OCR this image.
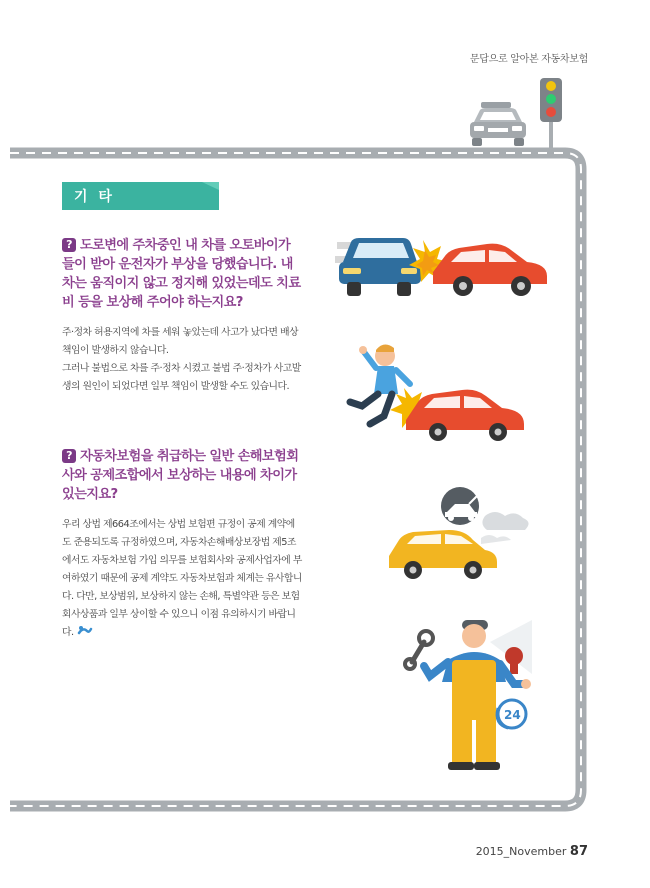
문답으로 알아본 자동차보험
기 타

? 도로변에 주차중인 내 차를 오토바이가 들이 받아 운전자가 부상을 당했습니다. 내 차는 움직이지 않고 정지해 있었는데도 치료비 등을 보상해 주어야 하는지요?

주·정차 허용지역에 차를 세워 놓았는데 사고가 났다면 배상책임이 발생하지 않습니다.

그러나 불법으로 차를 주·정차 시켰고 불법 주·정차가 사고발생의 원인이 되었다면 일부 책임이 발생할 수도 있습니다.

? 자동차보험을 취급하는 일반 손해보험회사와 공제조합에서 보상하는 내용에 차이가 있는지요?

우리 상법 제664조에서는 상법 보험편 규정이 공제 계약에도 준용되도록 규정하였으며, 자동차손해배상보장법 제5조에서도 자동차보험 가입 의무를 보험회사와 공제사업자에 부여하였기 때문에 공제 계약도 자동차보험과 체계는 유사합니다. 다만, 보상범위, 보상하지 않는 손해, 특별약관 등은 보험회사상품과 일부 상이할 수 있으니 이점 유의하시기 바랍니다.

24
2015_November 87
